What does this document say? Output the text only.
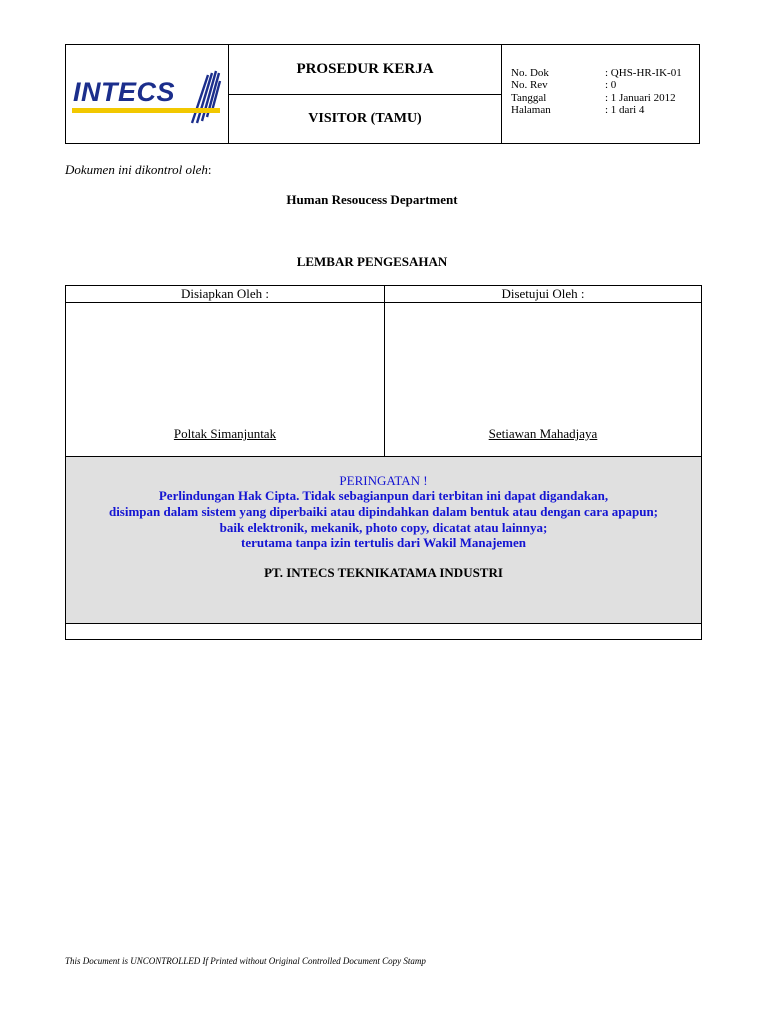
INTECS
PROSEDUR KERJA
VISITOR (TAMU)
No. Dok	: QHS-HR-IK-01
No. Rev	: 0
Tanggal	: 1 Januari 2012
Halaman	: 1 dari 4
Dokumen ini dikontrol oleh:
Human Resoucess Department
LEMBAR PENGESAHAN
Disiapkan Oleh :	Disetujui Oleh :
Poltak Simanjuntak	Setiawan Mahadjaya
PERINGATAN !
Perlindungan Hak Cipta. Tidak sebagianpun dari terbitan ini dapat digandakan,
disimpan dalam sistem yang diperbaiki atau dipindahkan dalam bentuk atau dengan cara apapun;
baik elektronik, mekanik, photo copy, dicatat atau lainnya;
terutama tanpa izin tertulis dari Wakil Manajemen
PT. INTECS TEKNIKATAMA INDUSTRI
This Document is UNCONTROLLED If Printed without Original Controlled Document Copy Stamp
